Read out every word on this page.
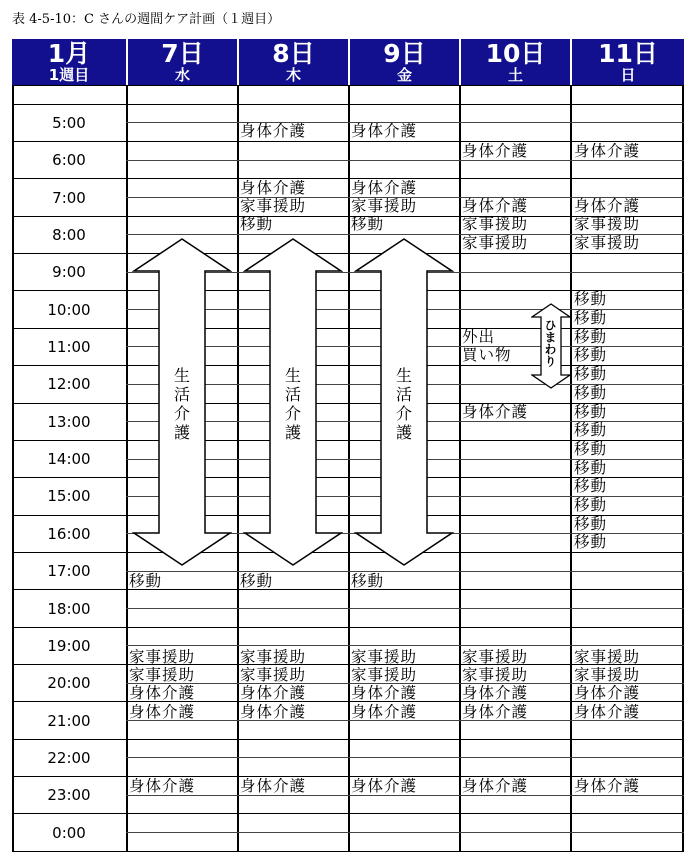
表 4-5-10：C さんの週間ケア計画（１週目）
1月
1週目
7日
水
8日
木
9日
金
10日
土
11日
日
5:00
6:00
7:00
8:00
9:00
10:00
11:00
12:00
13:00
14:00
15:00
16:00
17:00
18:00
19:00
20:00
21:00
22:00
23:00
0:00
移動
家事援助
家事援助
身体介護
身体介護
身体介護
身体介護
身体介護
家事援助
移動
移動
家事援助
家事援助
身体介護
身体介護
身体介護
身体介護
身体介護
家事援助
移動
移動
家事援助
家事援助
身体介護
身体介護
身体介護
身体介護
身体介護
家事援助
家事援助
外出
買い物
身体介護
家事援助
家事援助
身体介護
身体介護
身体介護
身体介護
身体介護
家事援助
家事援助
移動
移動
移動
移動
移動
移動
移動
移動
移動
移動
移動
移動
移動
移動
家事援助
家事援助
身体介護
身体介護
身体介護
生
活
介
護
生
活
介
護
生
活
介
護
ひまわり
